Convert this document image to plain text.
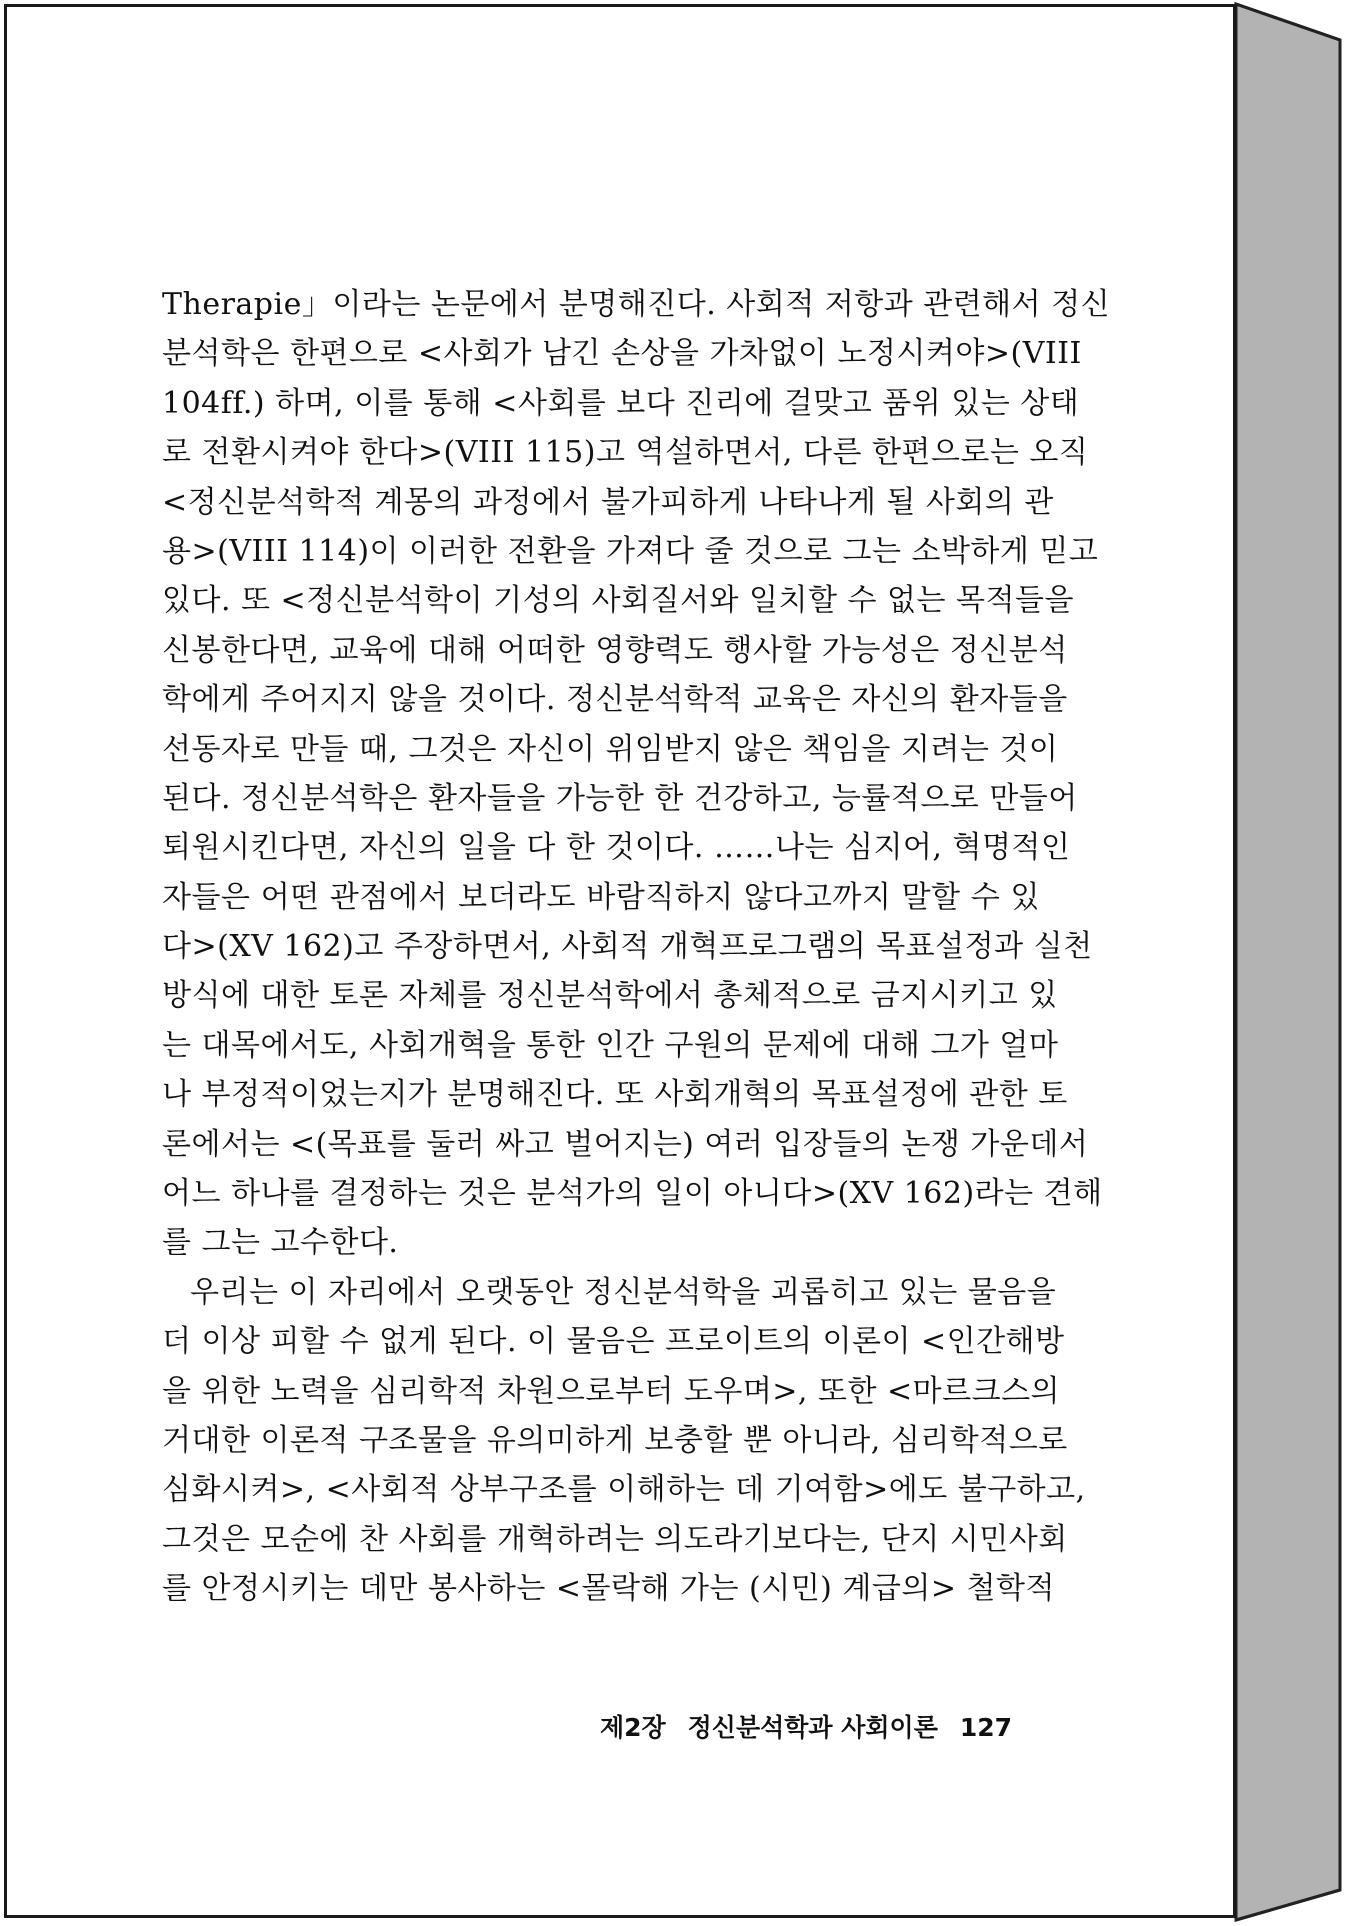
Therapie」이라는 논문에서 분명해진다. 사회적 저항과 관련해서 정신
분석학은 한편으로 <사회가 남긴 손상을 가차없이 노정시켜야>(VIII
104ff.) 하며, 이를 통해 <사회를 보다 진리에 걸맞고 품위 있는 상태
로 전환시켜야 한다>(VIII 115)고 역설하면서, 다른 한편으로는 오직
<정신분석학적 계몽의 과정에서 불가피하게 나타나게 될 사회의 관
용>(VIII 114)이 이러한 전환을 가져다 줄 것으로 그는 소박하게 믿고
있다. 또 <정신분석학이 기성의 사회질서와 일치할 수 없는 목적들을
신봉한다면, 교육에 대해 어떠한 영향력도 행사할 가능성은 정신분석
학에게 주어지지 않을 것이다. 정신분석학적 교육은 자신의 환자들을
선동자로 만들 때, 그것은 자신이 위임받지 않은 책임을 지려는 것이
된다. 정신분석학은 환자들을 가능한 한 건강하고, 능률적으로 만들어
퇴원시킨다면, 자신의 일을 다 한 것이다. ……나는 심지어, 혁명적인
자들은 어떤 관점에서 보더라도 바람직하지 않다고까지 말할 수 있
다>(XV 162)고 주장하면서, 사회적 개혁프로그램의 목표설정과 실천
방식에 대한 토론 자체를 정신분석학에서 총체적으로 금지시키고 있
는 대목에서도, 사회개혁을 통한 인간 구원의 문제에 대해 그가 얼마
나 부정적이었는지가 분명해진다. 또 사회개혁의 목표설정에 관한 토
론에서는 <(목표를 둘러 싸고 벌어지는) 여러 입장들의 논쟁 가운데서
어느 하나를 결정하는 것은 분석가의 일이 아니다>(XV 162)라는 견해
를 그는 고수한다.
우리는 이 자리에서 오랫동안 정신분석학을 괴롭히고 있는 물음을
더 이상 피할 수 없게 된다. 이 물음은 프로이트의 이론이 <인간해방
을 위한 노력을 심리학적 차원으로부터 도우며>, 또한 <마르크스의
거대한 이론적 구조물을 유의미하게 보충할 뿐 아니라, 심리학적으로
심화시켜>, <사회적 상부구조를 이해하는 데 기여함>에도 불구하고,
그것은 모순에 찬 사회를 개혁하려는 의도라기보다는, 단지 시민사회
를 안정시키는 데만 봉사하는 <몰락해 가는 (시민) 계급의> 철학적
제2장 정신분석학과 사회이론 127
